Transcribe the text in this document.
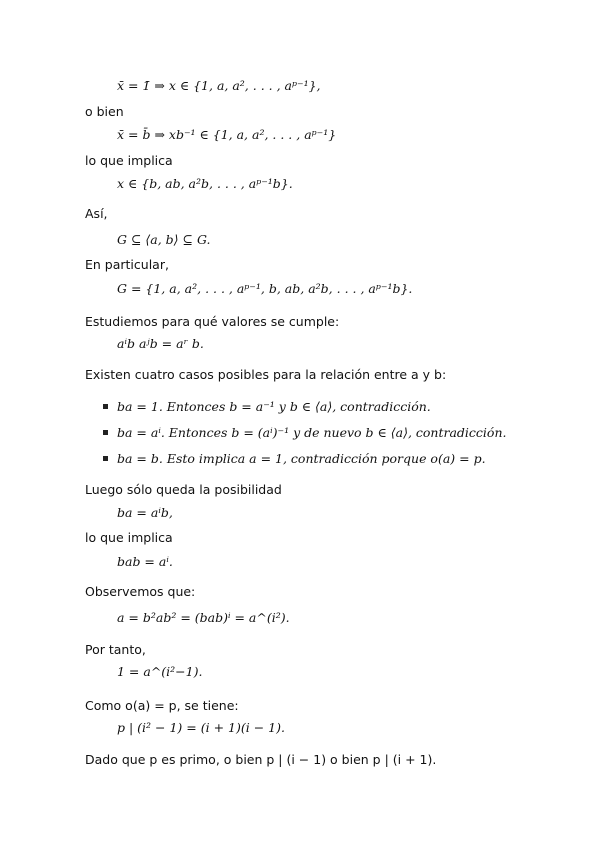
x̄ = 1̄ ⇒ x ∈ {1, a, a², . . . , aᵖ⁻¹},
o bien
x̄ = b̄ ⇒ xb⁻¹ ∈ {1, a, a², . . . , aᵖ⁻¹}
lo que implica
x ∈ {b, ab, a²b, . . . , aᵖ⁻¹b}.
Así,
G ⊆ ⟨a, b⟩ ⊆ G.
En particular,
G = {1, a, a², . . . , aᵖ⁻¹, b, ab, a²b, . . . , aᵖ⁻¹b}.
Estudiemos para qué valores se cumple:
aⁱb aʲb = aʳ b.
Existen cuatro casos posibles para la relación entre a y b:
ba = 1. Entonces b = a⁻¹ y b ∈ ⟨a⟩, contradicción.
ba = aⁱ. Entonces b = (aⁱ)⁻¹ y de nuevo b ∈ ⟨a⟩, contradicción.
ba = b. Esto implica a = 1, contradicción porque o(a) = p.
Luego sólo queda la posibilidad
ba = aⁱb,
lo que implica
bab = aⁱ.
Observemos que:
a = b²ab² = (bab)ⁱ = a^(i²).
Por tanto,
1 = a^(i²−1).
Como o(a) = p, se tiene:
p | (i² − 1) = (i + 1)(i − 1).
Dado que p es primo, o bien p | (i − 1) o bien p | (i + 1).
